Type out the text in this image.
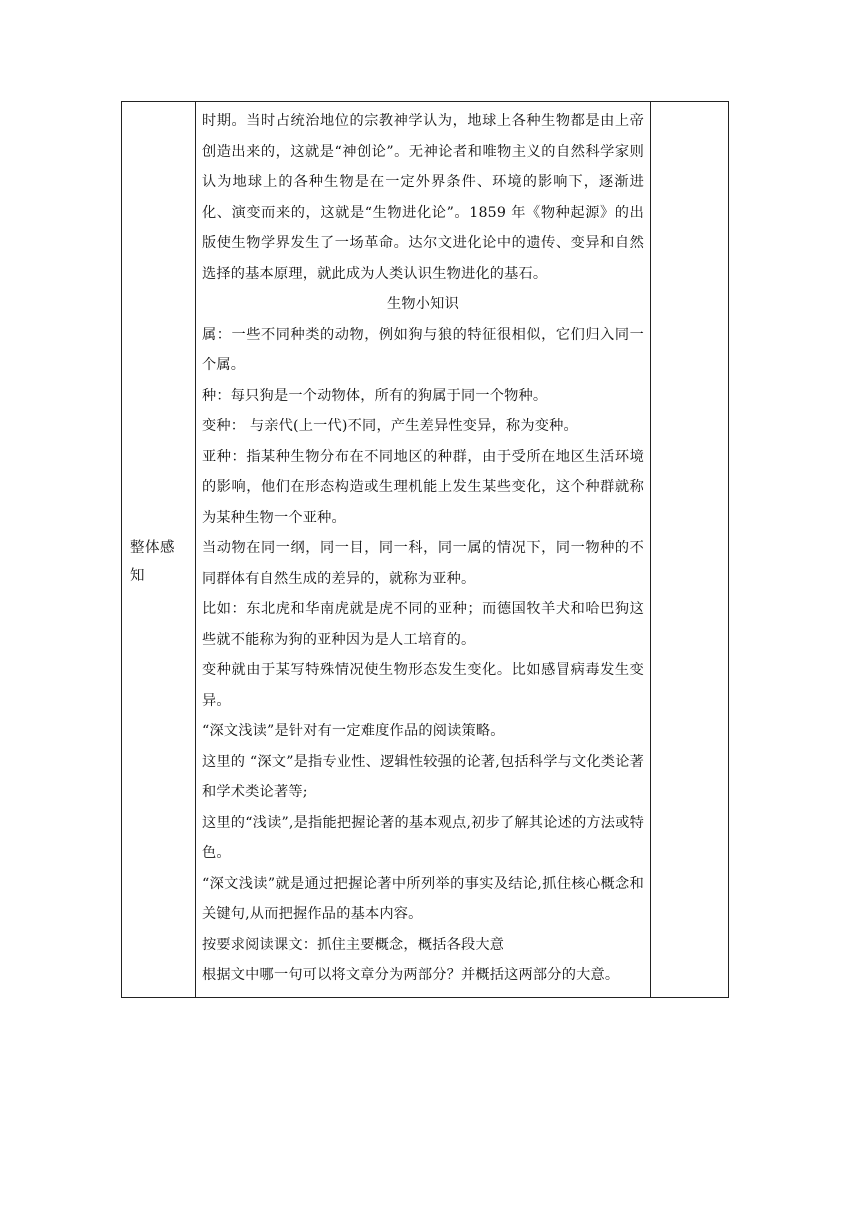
整体感知

时期。当时占统治地位的宗教神学认为，地球上各种生物都是由上帝创造出来的，这就是“神创论”。无神论者和唯物主义的自然科学家则认为地球上的各种生物是在一定外界条件、环境的影响下，逐渐进化、演变而来的，这就是“生物进化论”。1859 年《物种起源》的出版使生物学界发生了一场革命。达尔文进化论中的遗传、变异和自然选择的基本原理，就此成为人类认识生物进化的基石。

生物小知识

属：一些不同种类的动物，例如狗与狼的特征很相似，它们归入同一个属。

种：每只狗是一个动物体，所有的狗属于同一个物种。

变种： 与亲代(上一代)不同，产生差异性变异，称为变种。

亚种：指某种生物分布在不同地区的种群，由于受所在地区生活环境的影响，他们在形态构造或生理机能上发生某些变化，这个种群就称为某种生物一个亚种。

当动物在同一纲，同一目，同一科，同一属的情况下，同一物种的不同群体有自然生成的差异的，就称为亚种。

比如：东北虎和华南虎就是虎不同的亚种；而德国牧羊犬和哈巴狗这些就不能称为狗的亚种因为是人工培育的。

变种就由于某写特殊情况使生物形态发生变化。比如感冒病毒发生变异。

“深文浅读”是针对有一定难度作品的阅读策略。

这里的 “深文”是指专业性、逻辑性较强的论著,包括科学与文化类论著和学术类论著等;

这里的“浅读”,是指能把握论著的基本观点,初步了解其论述的方法或特色。

“深文浅读”就是通过把握论著中所列举的事实及结论,抓住核心概念和关键句,从而把握作品的基本内容。

按要求阅读课文：抓住主要概念，概括各段大意

根据文中哪一句可以将文章分为两部分？并概括这两部分的大意。
